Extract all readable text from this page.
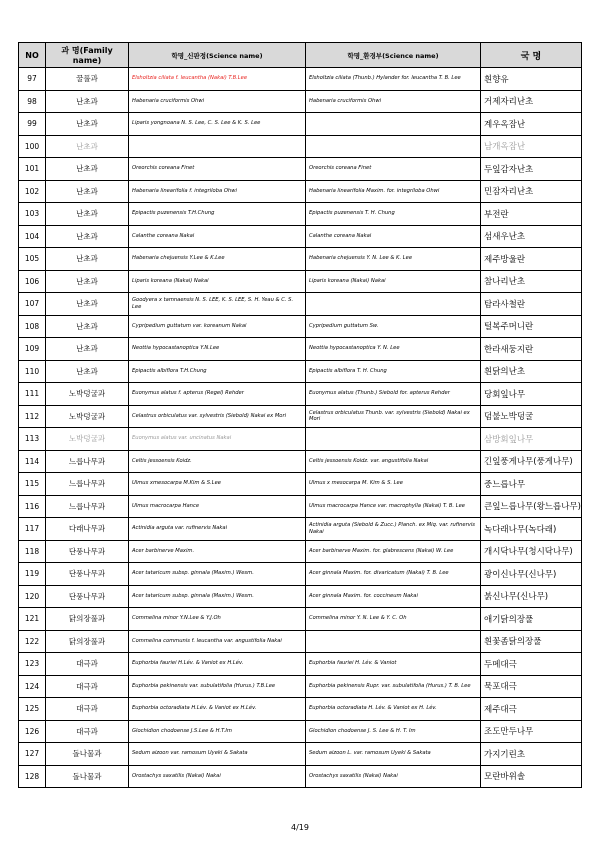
NO	과 명(Family name)	학명_신판정(Science name)	학명_환경부(Science name)	국 명
97	꿀풀과	Elsholtzia ciliata f. leucantha (Nakai) T.B.Lee	Elsholtzia ciliata (Thunb.) Hylander for. leucantha T. B. Lee	흰향유
98	난초과	Habenaria cruciformis Ohwi	Habenaria cruciformis Ohwi	거제자리난초
99	난초과	Liparis yongnoana N. S. Lee, C. S. Lee & K. S. Lee		계우옥잠난
100	난초과			남개옥잠난
101	난초과	Oreorchis coreana Finet	Oreorchis coreana Finet	두잎감자난초
102	난초과	Habenaria linearifolia f. integriloba Ohwi	Habenaria linearifolia Maxim. for. integriloba Ohwi	민잠자리난초
103	난초과	Epipactis puzenensis T.H.Chung	Epipactis puzenensis T. H. Chung	부전란
104	난초과	Calanthe coreana Nakai	Calanthe coreana Nakai	섬새우난초
105	난초과	Habenaria chejuensis Y.Lee & K.Lee	Habenaria chejuensis Y. N. Lee & K. Lee	제주방울란
106	난초과	Liparis koreana (Nakai) Nakai	Liparis koreana (Nakai) Nakai	참나리난초
107	난초과	Goodyera x tamnaensis N. S. LEE, K. S. LEE, S. H. Yeau & C. S. Lee		탐라사철란
108	난초과	Cypripedium guttatum var. koreanum Nakai	Cypripedium guttatum Sw.	털복주머니란
109	난초과	Neottia hypocastanoptica Y.N.Lee	Neottia hypocastanoptica Y. N. Lee	한라새둥지란
110	난초과	Epipactis albiflora T.H.Chung	Epipactis albiflora T. H. Chung	흰닭의난초
111	노박덩굴과	Euonymus alatus f. apterus (Regel) Rehder	Euonymus alatus (Thunb.) Siebold for. apterus Rehder	당회잎나무
112	노박덩굴과	Celastrus orbiculatus var. sylvestris (Siebold) Nakai ex Mori	Celastrus orbiculatus Thunb. var. sylvestris (Siebold) Nakai ex Mori	덤불노박덩굴
113	노박덩굴과	Euonymus alatus var. uncinatus Nakai		삼방회잎나무
114	느릅나무과	Celtis jessoensis Koidz.	Celtis jessoensis Koidz. var. angustifolia Nakai	긴잎풍게나무(풍게나무)
115	느릅나무과	Ulmus xmesocarpa M.Kim & S.Lee	Ulmus x mesocarpa M. Kim & S. Lee	중느릅나무
116	느릅나무과	Ulmus macrocarpa Hance	Ulmus macrocarpa Hance var. macrophylla (Nakai) T. B. Lee	큰잎느릅나무(왕느릅나무)
117	다래나무과	Actinidia arguta var. rufinervis Nakai	Actinidia arguta (Siebold & Zucc.) Planch. ex Miq. var. rufinervis Nakai	녹다래나무(녹다래)
118	단풍나무과	Acer barbinerve Maxim.	Acer barbinerve Maxim. for. glabrescens (Nakai) W. Lee	개시닥나무(청시닥나무)
119	단풍나무과	Acer tataricum subsp. ginnala (Maxim.) Wesm.	Acer ginnala Maxim. for. divaricatum (Nakai) T. B. Lee	광이신나무(신나무)
120	단풍나무과	Acer tataricum subsp. ginnala (Maxim.) Wesm.	Acer ginnala Maxim. for. coccineum Nakai	붉신나무(신나무)
121	닭의장풀과	Commelina minor Y.N.Lee & Y.J.Oh	Commelina minor Y. N. Lee & Y. C. Oh	애기닭의장풀
122	닭의장풀과	Commelina communis f. leucantha var. angustifolia Nakai		흰꽃좀닭의장풀
123	대극과	Euphorbia fauriei H.Lév. & Vaniot ex H.Lév.	Euphorbia fauriei H. Lév. & Vaniot	두메대극
124	대극과	Euphorbia pekinensis var. subulatifolia (Hurus.) T.B.Lee	Euphorbia pekinensis Rupr. var. subulatifolia (Hurus.) T. B. Lee	묵포대극
125	대극과	Euphorbia octoradiata H.Lév. & Vaniot ex H.Lév.	Euphorbia octoradiata H. Lév. & Vaniot ex H. Lév.	제주대극
126	대극과	Glochidion chodoense J.S.Lee & H.T.Im	Glochidion chodoense J. S. Lee & H. T. Im	조도만두나무
127	돌나물과	Sedum aizoon var. ramosum Uyeki & Sakata	Sedum aizoon L. var. ramosum Uyeki & Sakata	가지기린초
128	돌나물과	Orostachys saxatilis (Nakai) Nakai	Orostachys saxatilis (Nakai) Nakai	모란바위솔
4/19
